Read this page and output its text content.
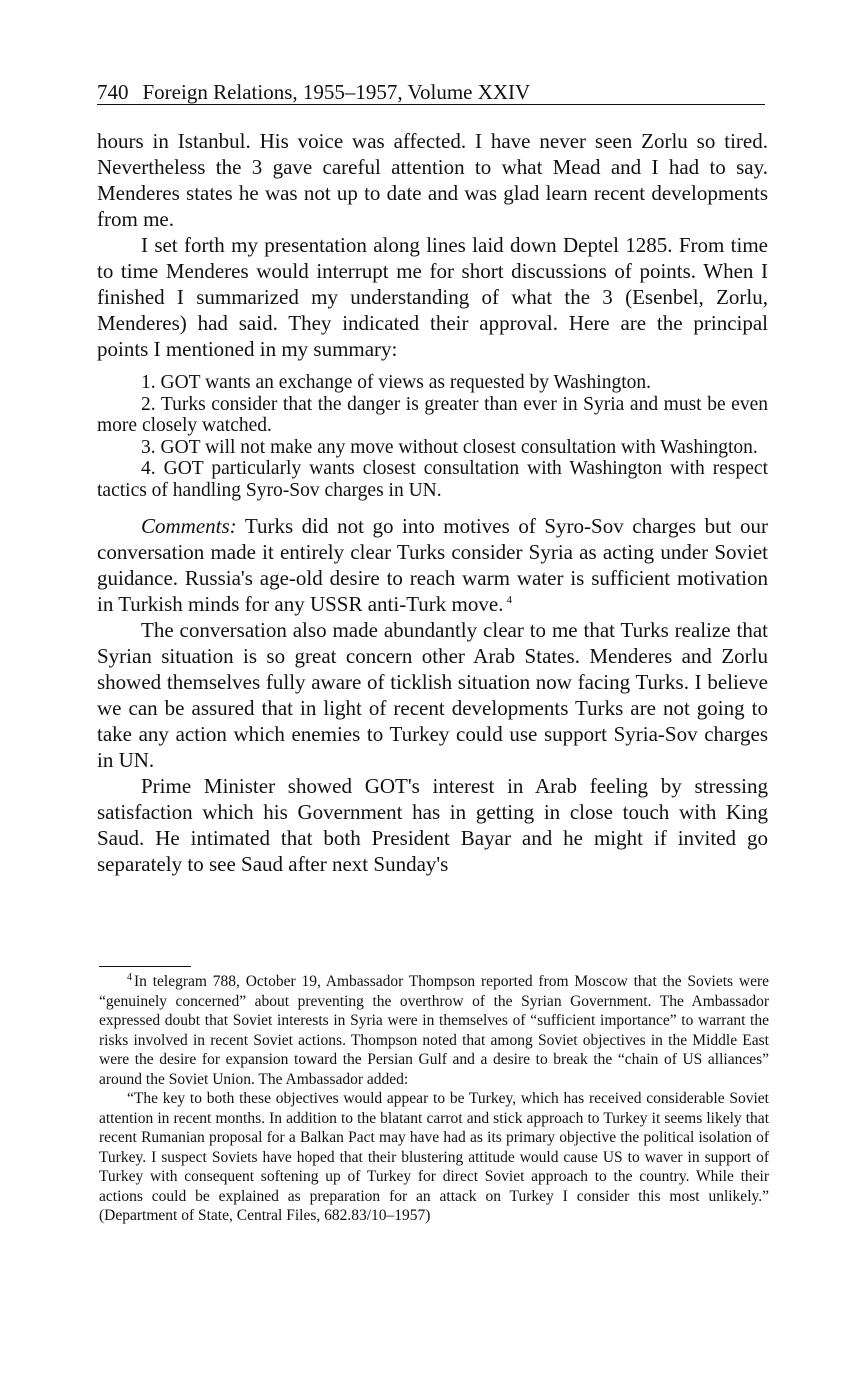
740 Foreign Relations, 1955–1957, Volume XXIV

hours in Istanbul. His voice was affected. I have never seen Zorlu so tired. Nevertheless the 3 gave careful attention to what Mead and I had to say. Menderes states he was not up to date and was glad learn recent developments from me.

I set forth my presentation along lines laid down Deptel 1285. From time to time Menderes would interrupt me for short discussions of points. When I finished I summarized my understanding of what the 3 (Esenbel, Zorlu, Menderes) had said. They indicated their approval. Here are the principal points I mentioned in my summary:

1. GOT wants an exchange of views as requested by Washington.
2. Turks consider that the danger is greater than ever in Syria and must be even more closely watched.
3. GOT will not make any move without closest consultation with Washington.
4. GOT particularly wants closest consultation with Washington with respect tactics of handling Syro-Sov charges in UN.

Comments: Turks did not go into motives of Syro-Sov charges but our conversation made it entirely clear Turks consider Syria as acting under Soviet guidance. Russia's age-old desire to reach warm water is sufficient motivation in Turkish minds for any USSR anti-Turk move. $^4$

The conversation also made abundantly clear to me that Turks realize that Syrian situation is so great concern other Arab States. Menderes and Zorlu showed themselves fully aware of ticklish situation now facing Turks. I believe we can be assured that in light of recent developments Turks are not going to take any action which enemies to Turkey could use support Syria-Sov charges in UN.

Prime Minister showed GOT's interest in Arab feeling by stressing satisfaction which his Government has in getting in close touch with King Saud. He intimated that both President Bayar and he might if invited go separately to see Saud after next Sunday's

$^4$ In telegram 788, October 19, Ambassador Thompson reported from Moscow that the Soviets were “genuinely concerned” about preventing the overthrow of the Syrian Government. The Ambassador expressed doubt that Soviet interests in Syria were in themselves of “sufficient importance” to warrant the risks involved in recent Soviet actions. Thompson noted that among Soviet objectives in the Middle East were the desire for expansion toward the Persian Gulf and a desire to break the “chain of US alliances” around the Soviet Union. The Ambassador added:

“The key to both these objectives would appear to be Turkey, which has received considerable Soviet attention in recent months. In addition to the blatant carrot and stick approach to Turkey it seems likely that recent Rumanian proposal for a Balkan Pact may have had as its primary objective the political isolation of Turkey. I suspect Soviets have hoped that their blustering attitude would cause US to waver in support of Turkey with consequent softening up of Turkey for direct Soviet approach to the country. While their actions could be explained as preparation for an attack on Turkey I consider this most unlikely.” (Department of State, Central Files, 682.83/10–1957)
